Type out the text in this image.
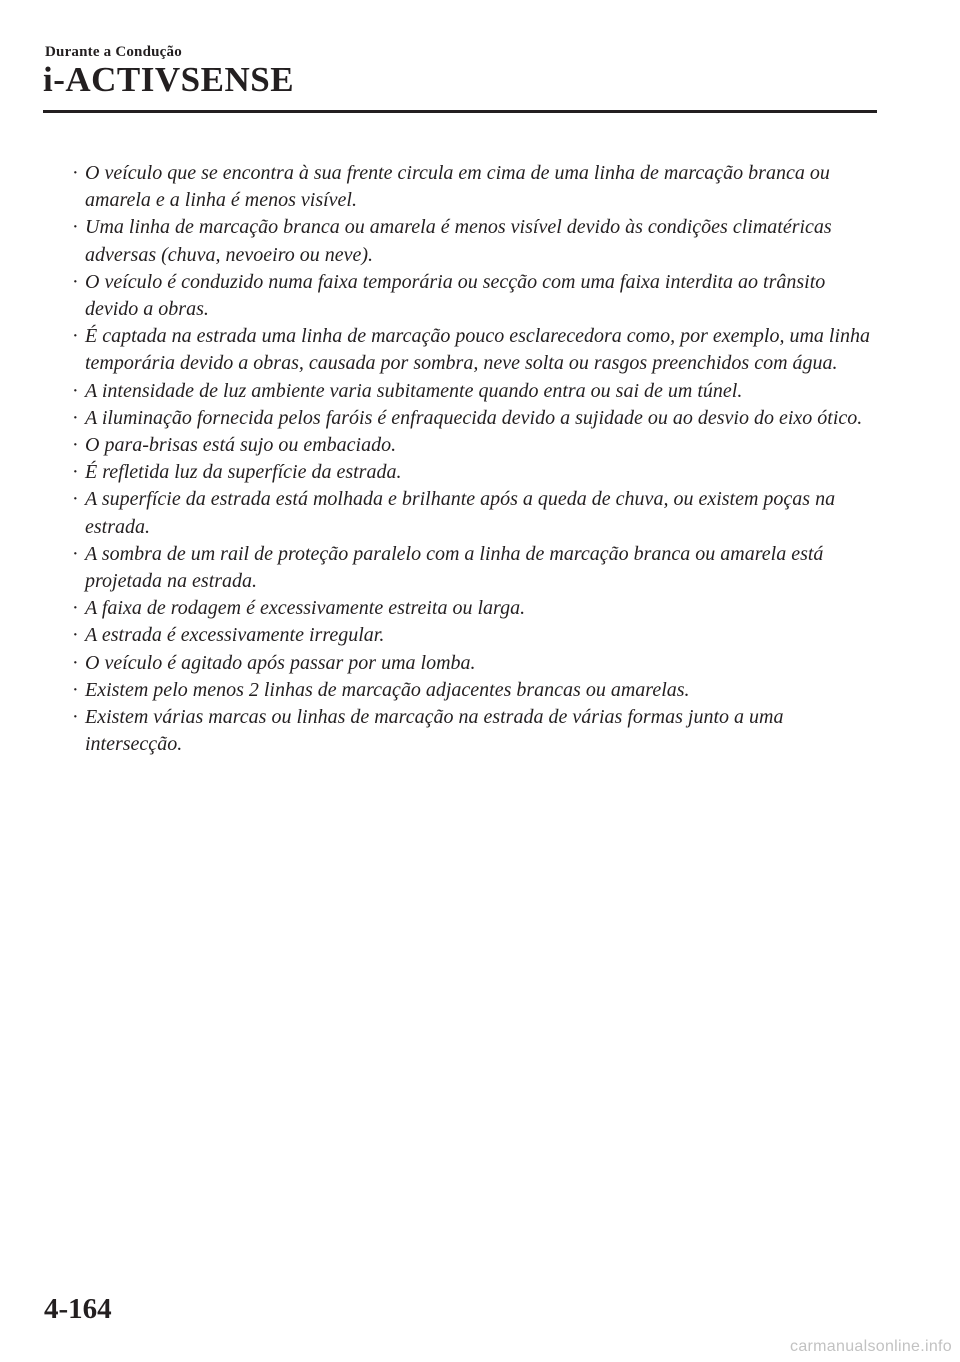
Durante a Condução
i-ACTIVSENSE
· O veículo que se encontra à sua frente circula em cima de uma linha de marcação branca ou amarela e a linha é menos visível.
· Uma linha de marcação branca ou amarela é menos visível devido às condições climatéricas adversas (chuva, nevoeiro ou neve).
· O veículo é conduzido numa faixa temporária ou secção com uma faixa interdita ao trânsito devido a obras.
· É captada na estrada uma linha de marcação pouco esclarecedora como, por exemplo, uma linha temporária devido a obras, causada por sombra, neve solta ou rasgos preenchidos com água.
· A intensidade de luz ambiente varia subitamente quando entra ou sai de um túnel.
· A iluminação fornecida pelos faróis é enfraquecida devido a sujidade ou ao desvio do eixo ótico.
· O para-brisas está sujo ou embaciado.
· É refletida luz da superfície da estrada.
· A superfície da estrada está molhada e brilhante após a queda de chuva, ou existem poças na estrada.
· A sombra de um rail de proteção paralelo com a linha de marcação branca ou amarela está projetada na estrada.
· A faixa de rodagem é excessivamente estreita ou larga.
· A estrada é excessivamente irregular.
· O veículo é agitado após passar por uma lomba.
· Existem pelo menos 2 linhas de marcação adjacentes brancas ou amarelas.
· Existem várias marcas ou linhas de marcação na estrada de várias formas junto a uma intersecção.
4-164
carmanualsonline.info
